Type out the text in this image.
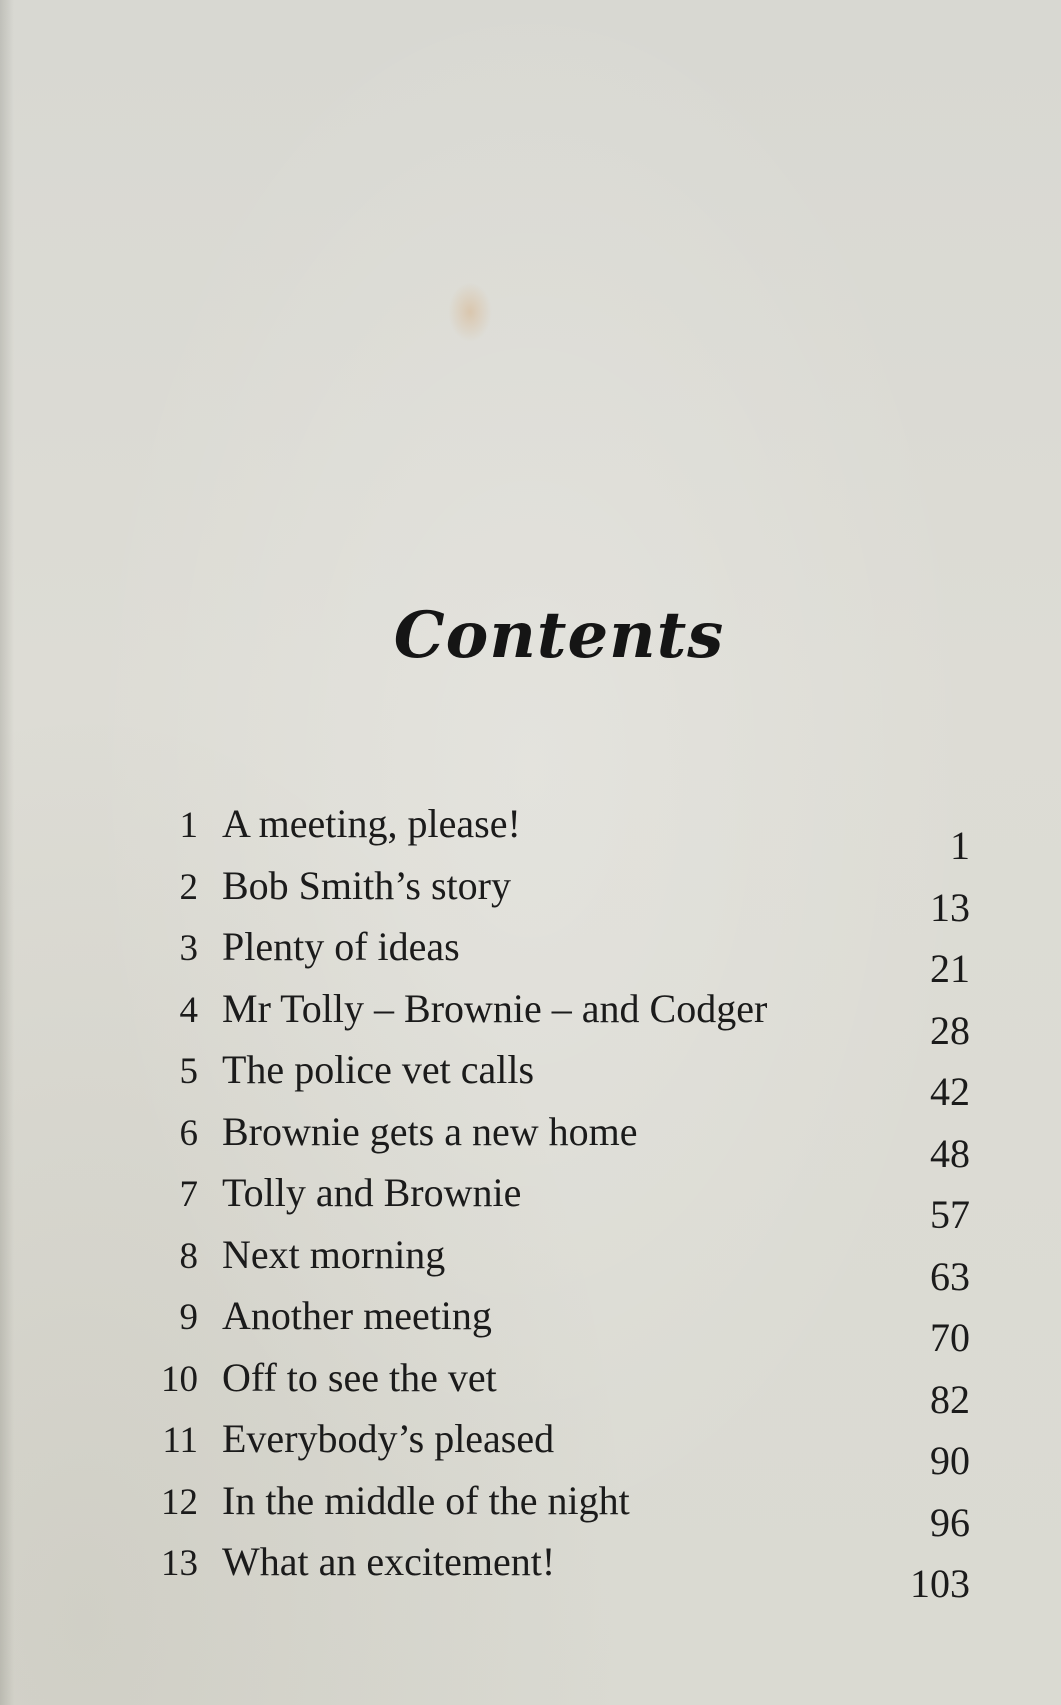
Contents
1 A meeting, please!	1
2 Bob Smith’s story	13
3 Plenty of ideas	21
4 Mr Tolly – Brownie – and Codger	28
5 The police vet calls	42
6 Brownie gets a new home	48
7 Tolly and Brownie	57
8 Next morning	63
9 Another meeting	70
10 Off to see the vet	82
11 Everybody’s pleased	90
12 In the middle of the night	96
13 What an excitement!	103
